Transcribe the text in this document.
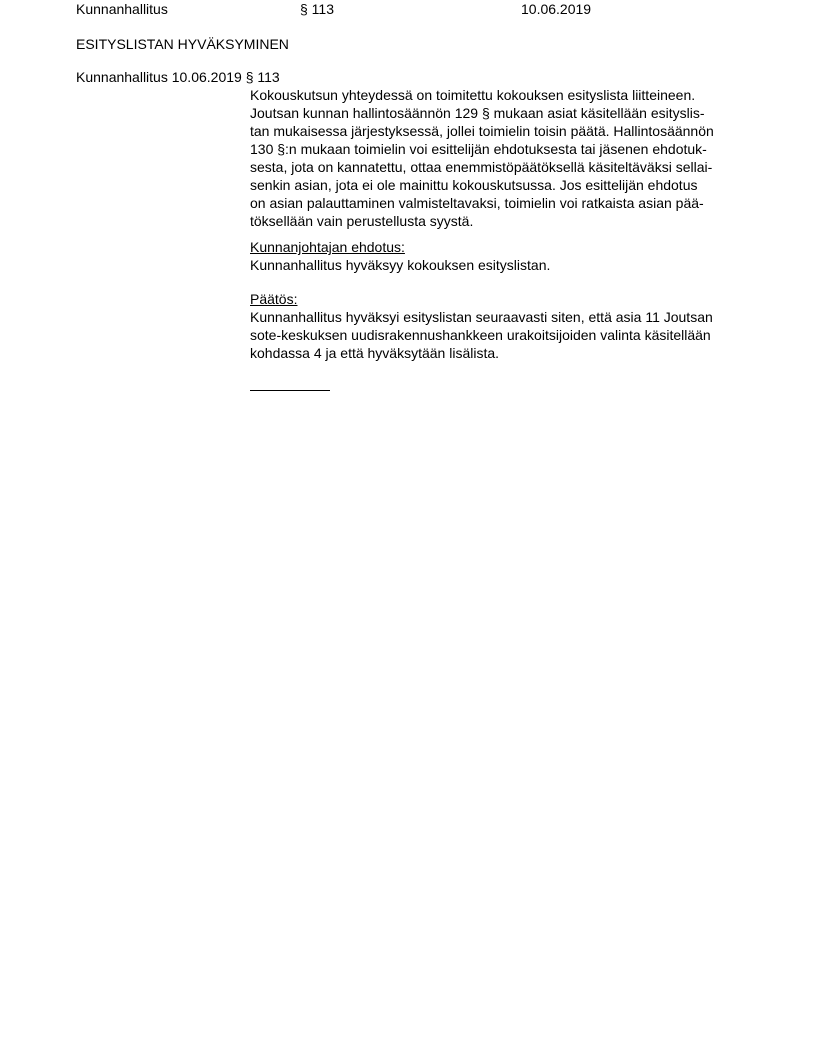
Kunnanhallitus	§ 113	10.06.2019
ESITYSLISTAN HYVÄKSYMINEN
Kunnanhallitus 10.06.2019 § 113
Kokouskutsun yhteydessä on toimitettu kokouksen esityslista liitteineen.
Joutsan kunnan hallintosäännön 129 § mukaan asiat käsitellään esityslis-
tan mukaisessa järjestyksessä, jollei toimielin toisin päätä. Hallintosäännön
130 §:n mukaan toimielin voi esittelijän ehdotuksesta tai jäsenen ehdotuk-
sesta, jota on kannatettu, ottaa enemmistöpäätöksellä käsiteltäväksi sellai-
senkin asian, jota ei ole mainittu kokouskutsussa. Jos esittelijän ehdotus
on asian palauttaminen valmisteltavaksi, toimielin voi ratkaista asian pää-
töksellään vain perustellusta syystä.
Kunnanjohtajan ehdotus:
Kunnanhallitus hyväksyy kokouksen esityslistan.
Päätös:
Kunnanhallitus hyväksyi esityslistan seuraavasti siten, että asia 11 Joutsan
sote-keskuksen uudisrakennushankkeen urakoitsijoiden valinta käsitellään
kohdassa 4 ja että hyväksytään lisälista.
